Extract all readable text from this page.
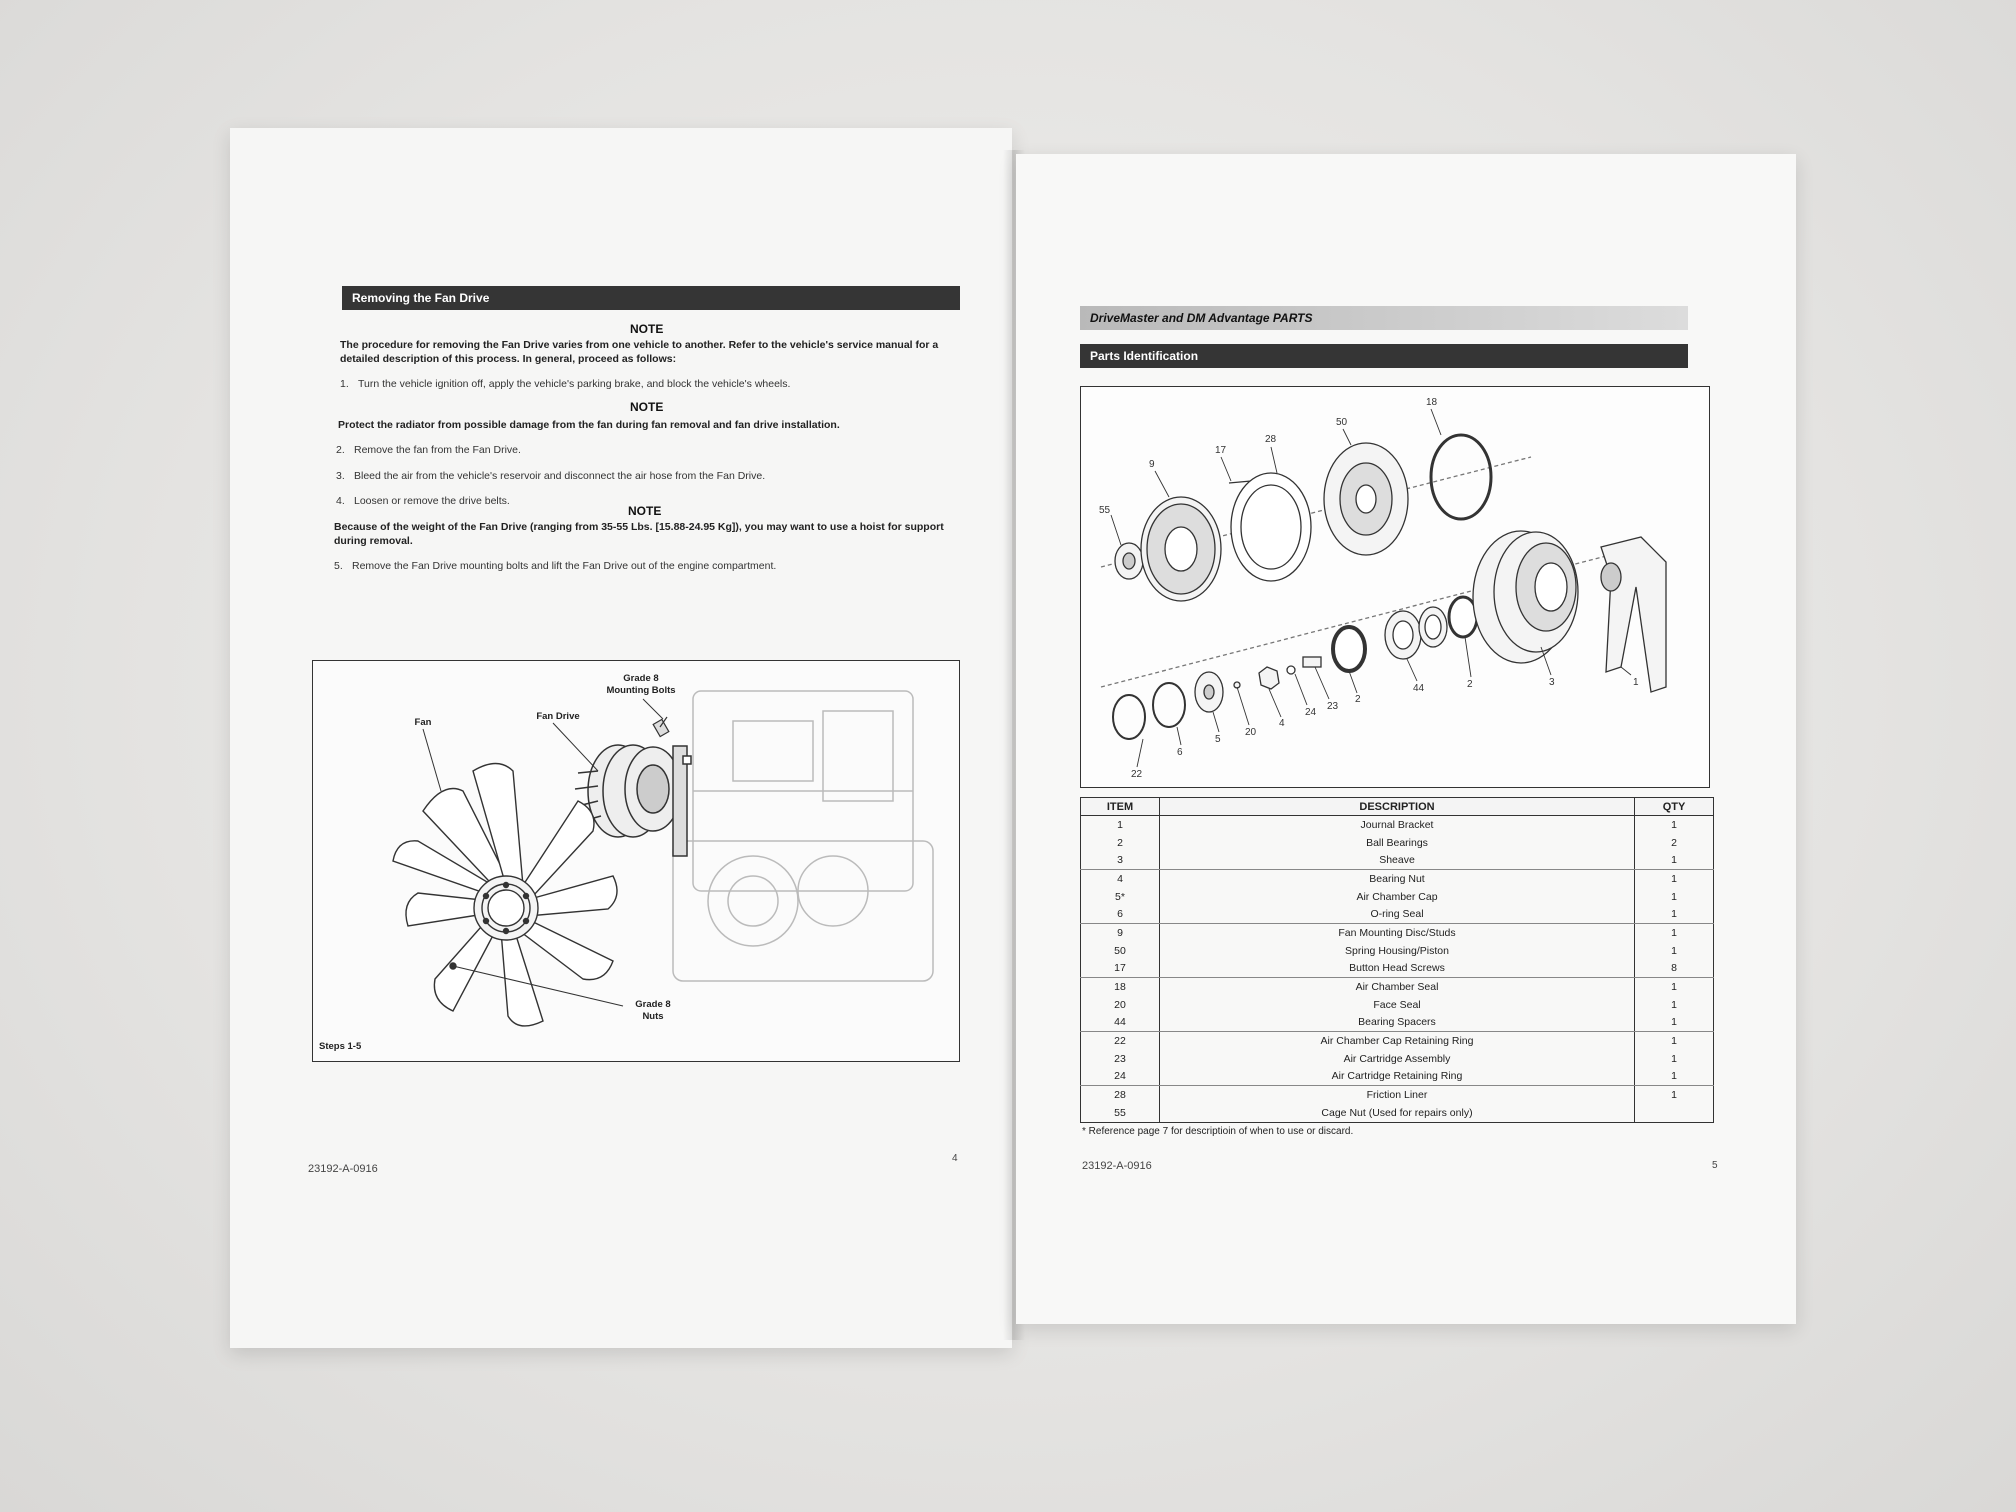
Removing the Fan Drive
NOTE
The procedure for removing the Fan Drive varies from one vehicle to another. Refer to the vehicle's service manual for a detailed description of this process. In general, proceed as follows:
1. Turn the vehicle ignition off, apply the vehicle's parking brake, and block the vehicle's wheels.
NOTE
Protect the radiator from possible damage from the fan during fan removal and fan drive installation.
2. Remove the fan from the Fan Drive.
3. Bleed the air from the vehicle's reservoir and disconnect the air hose from the Fan Drive.
4. Loosen or remove the drive belts.
NOTE
Because of the weight of the Fan Drive (ranging from 35-55 Lbs. [15.88-24.95 Kg]), you may want to use a hoist for support during removal.
5. Remove the Fan Drive mounting bolts and lift the Fan Drive out of the engine compartment.
Grade 8
Mounting Bolts
Fan Drive
Fan
Grade 8
Nuts
Steps 1-5
23192-A-0916
4
DriveMaster and DM Advantage PARTS
Parts Identification
55
9
17
28
50
18
22
6
5
20
4
24
23
2
44	2	3	1
ITEM	DESCRIPTION	QTY
1	Journal Bracket	1
2	Ball Bearings	2
3	Sheave	1
4	Bearing Nut	1
5*	Air Chamber Cap	1
6	O-ring Seal	1
9	Fan Mounting Disc/Studs	1
50	Spring Housing/Piston	1
17	Button Head Screws	8
18	Air Chamber Seal	1
20	Face Seal	1
44	Bearing Spacers	1
22	Air Chamber Cap Retaining Ring	1
23	Air Cartridge Assembly	1
24	Air Cartridge Retaining Ring	1
28	Friction Liner	1
55	Cage Nut (Used for repairs only)	
* Reference page 7 for descriptioin of when to use or discard.
23192-A-0916	5
